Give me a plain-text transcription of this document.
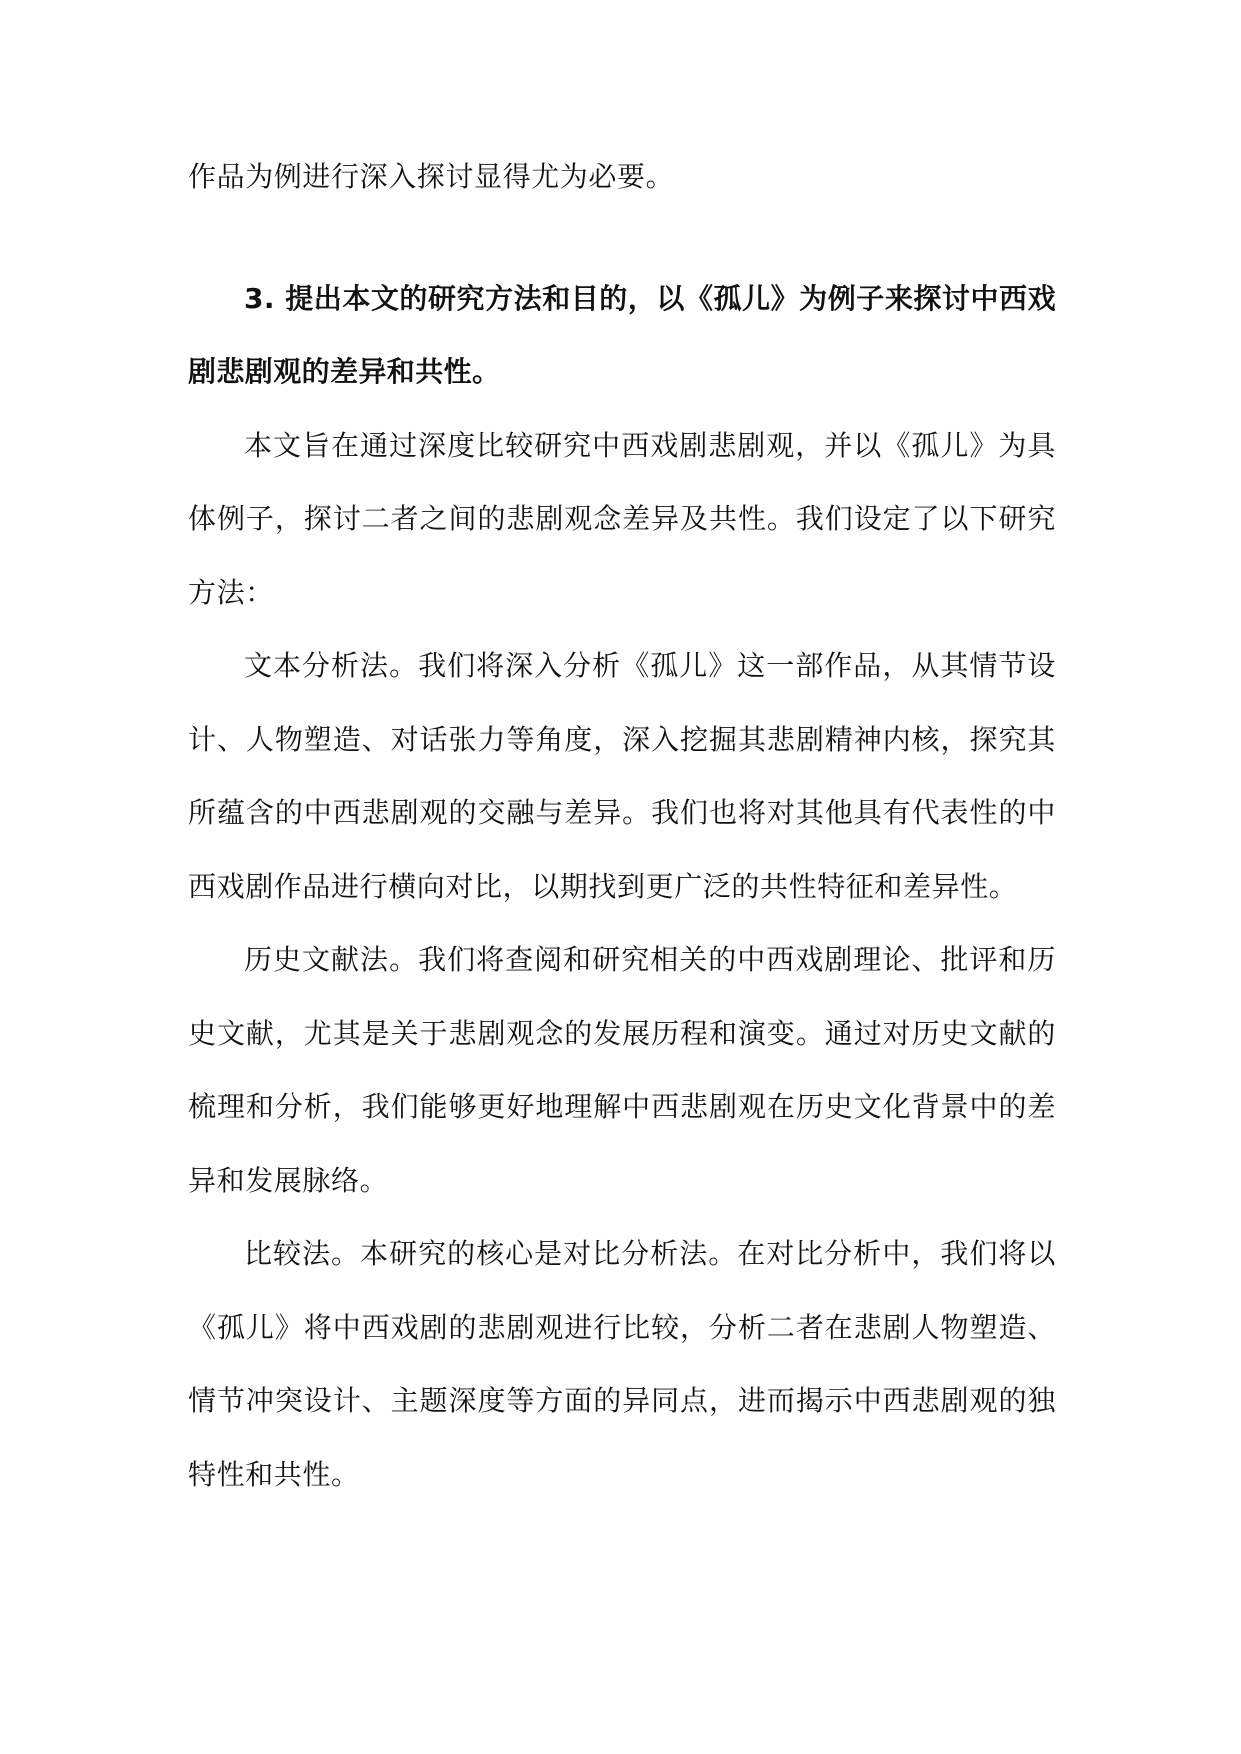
作品为例进行深入探讨显得尤为必要。

3. 提出本文的研究方法和目的，以《孤儿》为例子来探讨中西戏剧悲剧观的差异和共性。

本文旨在通过深度比较研究中西戏剧悲剧观，并以《孤儿》为具体例子，探讨二者之间的悲剧观念差异及共性。我们设定了以下研究方法：

文本分析法。我们将深入分析《孤儿》这一部作品，从其情节设计、人物塑造、对话张力等角度，深入挖掘其悲剧精神内核，探究其所蕴含的中西悲剧观的交融与差异。我们也将对其他具有代表性的中西戏剧作品进行横向对比，以期找到更广泛的共性特征和差异性。

历史文献法。我们将查阅和研究相关的中西戏剧理论、批评和历史文献，尤其是关于悲剧观念的发展历程和演变。通过对历史文献的梳理和分析，我们能够更好地理解中西悲剧观在历史文化背景中的差异和发展脉络。

比较法。本研究的核心是对比分析法。在对比分析中，我们将以《孤儿》将中西戏剧的悲剧观进行比较，分析二者在悲剧人物塑造、情节冲突设计、主题深度等方面的异同点，进而揭示中西悲剧观的独特性和共性。
